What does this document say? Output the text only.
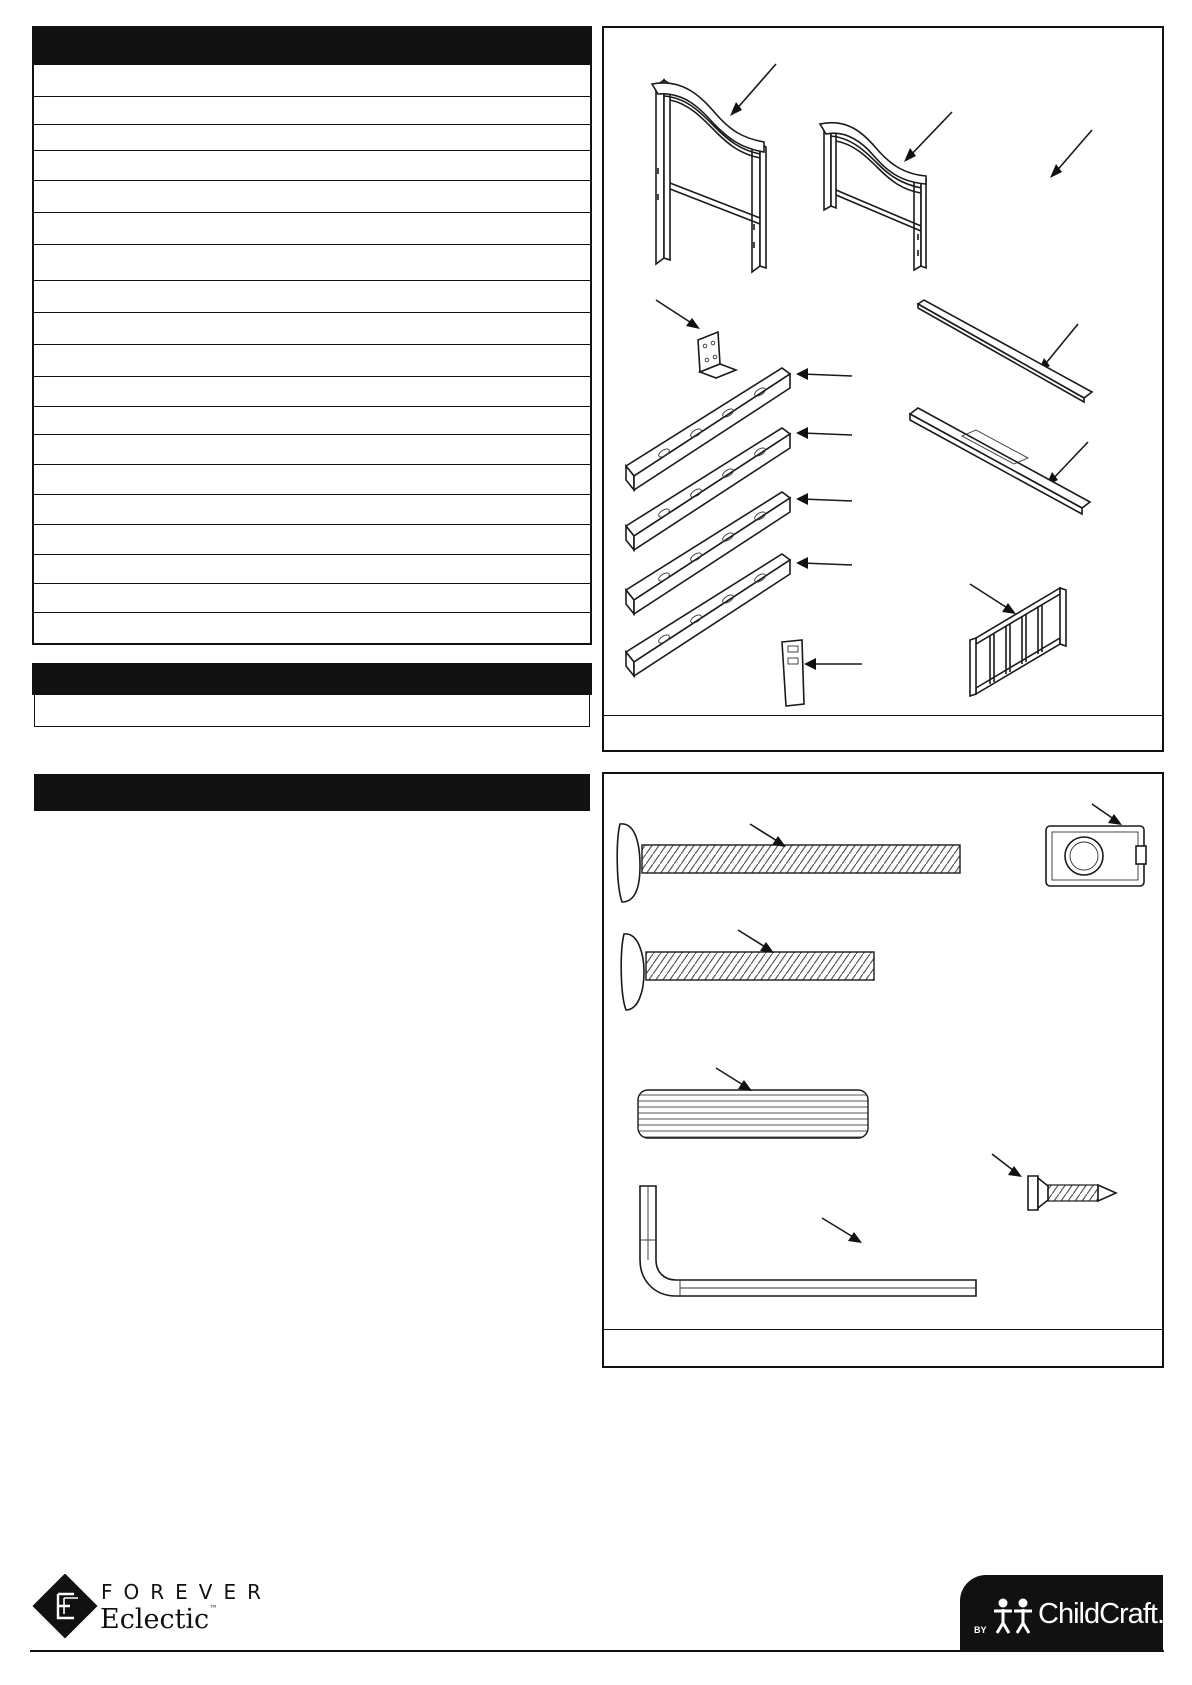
FOREVER
Eclectic™
BY ChildCraft.
